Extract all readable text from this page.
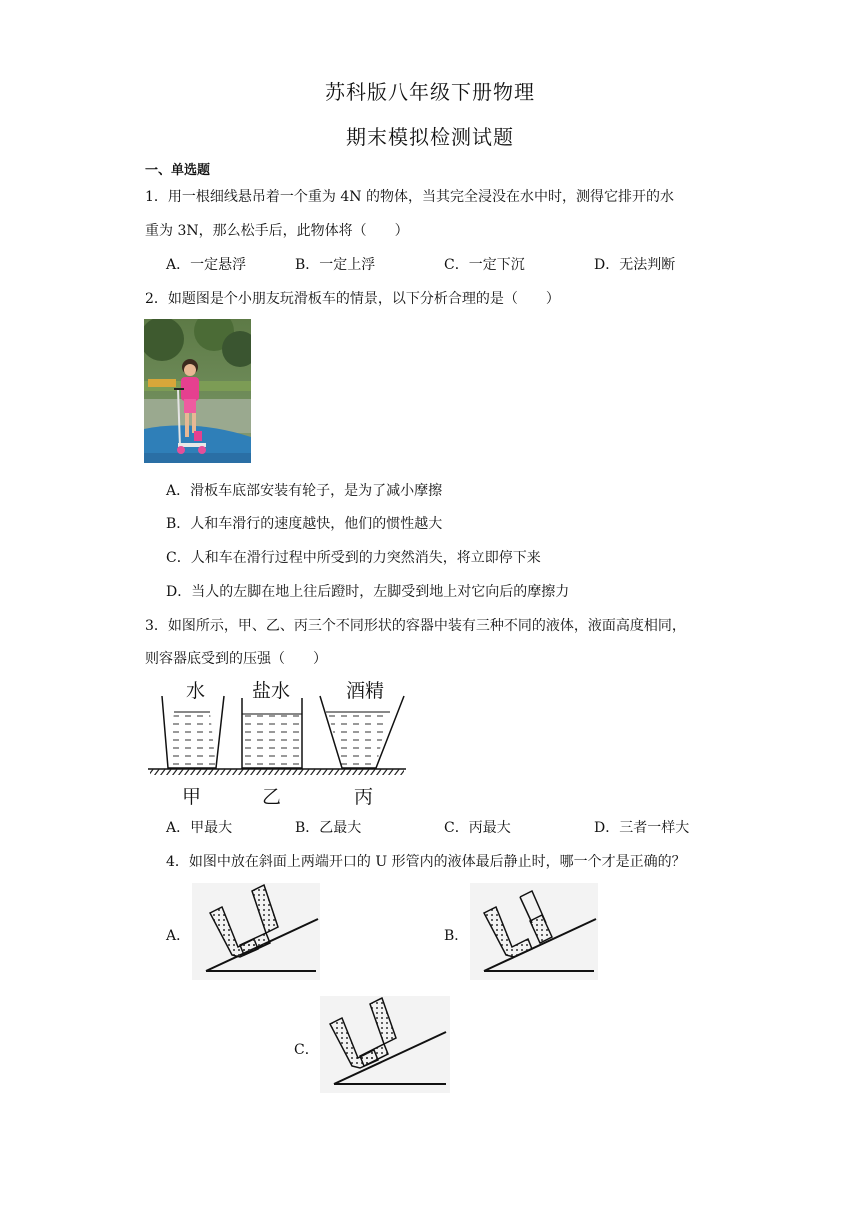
苏科版八年级下册物理
期末模拟检测试题
一、单选题
1．用一根细线悬吊着一个重为 4N 的物体，当其完全浸没在水中时，测得它排开的水
重为 3N，那么松手后，此物体将（　　）
A．一定悬浮	B．一定上浮	C．一定下沉	D．无法判断
2．如题图是个小朋友玩滑板车的情景，以下分析合理的是（　　）
A．滑板车底部安装有轮子，是为了减小摩擦
B．人和车滑行的速度越快，他们的惯性越大
C．人和车在滑行过程中所受到的力突然消失，将立即停下来
D．当人的左脚在地上往后蹬时，左脚受到地上对它向后的摩擦力
3．如图所示，甲、乙、丙三个不同形状的容器中装有三种不同的液体，液面高度相同，
则容器底受到的压强（　　）
水 盐水	酒精
甲	乙	丙
A．甲最大	B．乙最大	C．丙最大	D．三者一样大
4．如图中放在斜面上两端开口的 U 形管内的液体最后静止时，哪一个才是正确的？
A．	B．
C．
